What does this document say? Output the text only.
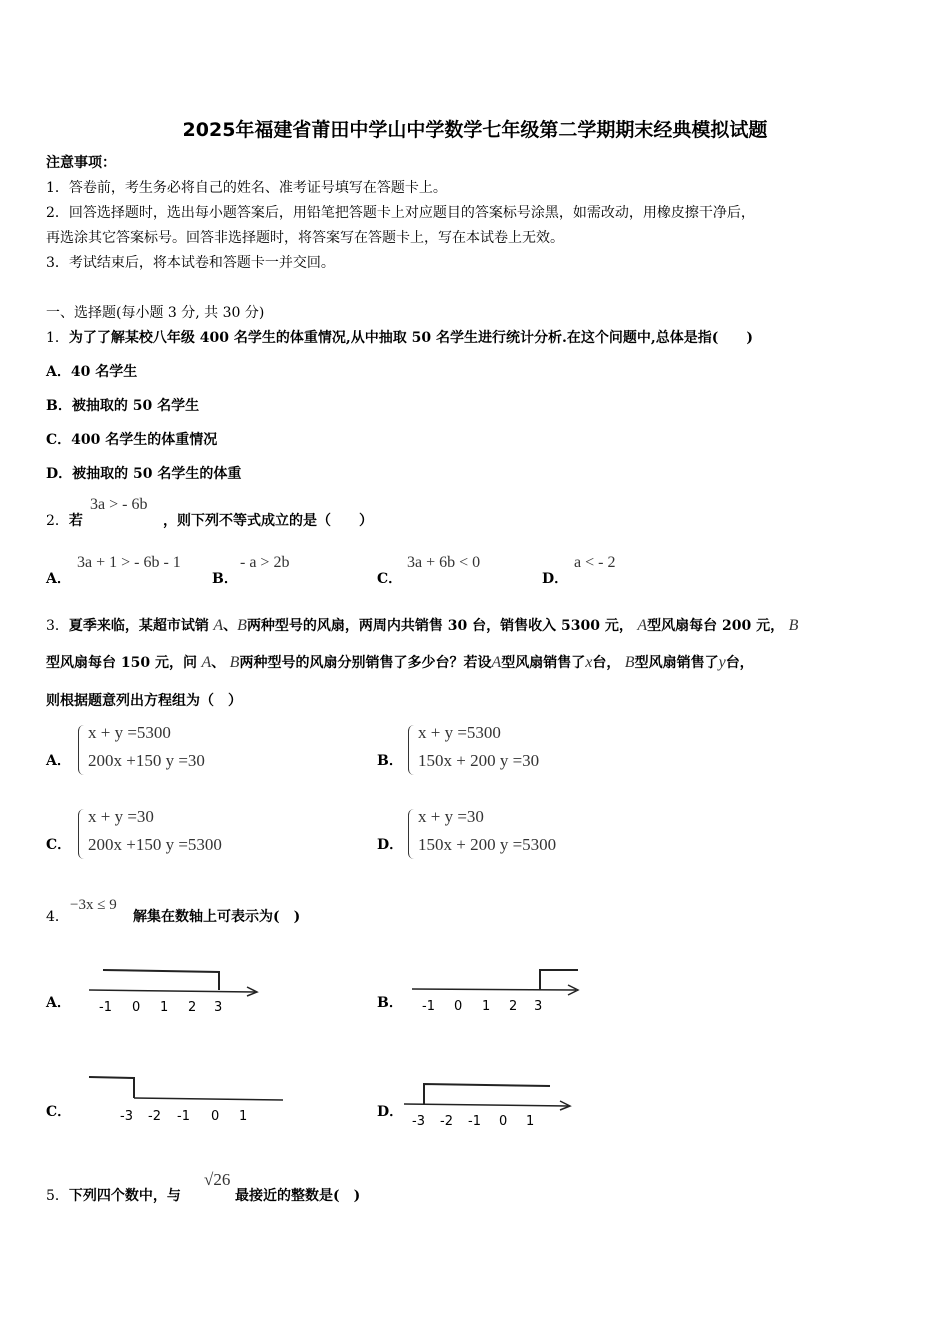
2025年福建省莆田中学山中学数学七年级第二学期期末经典模拟试题
注意事项：
1．答卷前，考生务必将自己的姓名、准考证号填写在答题卡上。
2．回答选择题时，选出每小题答案后，用铅笔把答题卡上对应题目的答案标号涂黑，如需改动，用橡皮擦干净后，
再选涂其它答案标号。回答非选择题时，将答案写在答题卡上，写在本试卷上无效。
3．考试结束后，将本试卷和答题卡一并交回。
一、选择题(每小题 3 分, 共 30 分)
1．为了了解某校八年级 400 名学生的体重情况,从中抽取 50 名学生进行统计分析.在这个问题中,总体是指(　　)
A．40 名学生
B．被抽取的 50 名学生
C．400 名学生的体重情况
D．被抽取的 50 名学生的体重
2．若
3a > - 6b
，则下列不等式成立的是（　　）
A．
3a + 1 > - 6b - 1
B．
- a > 2b
C．
3a + 6b < 0
D．
a < - 2
3．夏季来临，某超市试销 A、B两种型号的风扇，两周内共销售 30 台，销售收入 5300 元， A型风扇每台 200 元， B
型风扇每台 150 元，问 A、 B两种型号的风扇分别销售了多少台？若设A型风扇销售了x台， B型风扇销售了y台，
则根据题意列出方程组为（　）
A．
x + y =5300
200x +150 y =30	B．
x + y =5300
150x + 200 y =30
C．
x + y =30
200x +150 y =5300	D．
x + y =30
150x + 200 y =5300
4．
−3x ≤ 9
解集在数轴上可表示为(　)
A． -1 0 1 2 3	B． -1 0 1 2 3
C．	-3 -2 -1 0 1	D．
-3 -2 -1 0 1
5．下列四个数中，与
√26
最接近的整数是(　)
